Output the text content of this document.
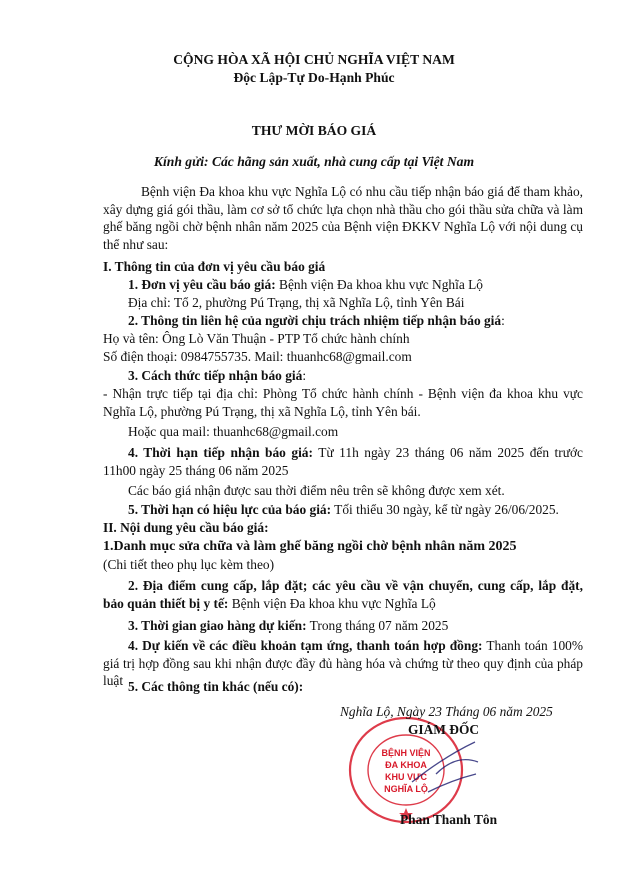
CỘNG HÒA XÃ HỘI CHỦ NGHĨA VIỆT NAM
Độc Lập-Tự Do-Hạnh Phúc
THƯ MỜI BÁO GIÁ
Kính gửi: Các hãng sản xuất, nhà cung cấp tại Việt Nam
Bệnh viện Đa khoa khu vực Nghĩa Lộ có nhu cầu tiếp nhận báo giá để tham khảo, xây dựng giá gói thầu, làm cơ sở tổ chức lựa chọn nhà thầu cho gói thầu sửa chữa và làm ghế băng ngồi chờ bệnh nhân năm 2025 của Bệnh viện ĐKKV Nghĩa Lộ với nội dung cụ thể như sau:
I. Thông tin của đơn vị yêu cầu báo giá
1. Đơn vị yêu cầu báo giá: Bệnh viện Đa khoa khu vực Nghĩa Lộ
Địa chỉ: Tổ 2, phường Pú Trạng, thị xã Nghĩa Lộ, tỉnh Yên Bái
2. Thông tin liên hệ của người chịu trách nhiệm tiếp nhận báo giá:
Họ và tên: Ông Lò Văn Thuận - PTP Tổ chức hành chính
Số điện thoại: 0984755735. Mail: thuanhc68@gmail.com
3. Cách thức tiếp nhận báo giá:
- Nhận trực tiếp tại địa chỉ: Phòng Tổ chức hành chính - Bệnh viện đa khoa khu vực Nghĩa Lộ, phường Pú Trạng, thị xã Nghĩa Lộ, tỉnh Yên bái.
Hoặc qua mail: thuanhc68@gmail.com
4. Thời hạn tiếp nhận báo giá: Từ 11h ngày 23 tháng 06 năm 2025 đến trước 11h00 ngày 25 tháng 06 năm 2025
Các báo giá nhận được sau thời điểm nêu trên sẽ không được xem xét.
5. Thời hạn có hiệu lực của báo giá: Tối thiểu 30 ngày, kể từ ngày 26/06/2025.
II. Nội dung yêu cầu báo giá:
1.Danh mục sửa chữa và làm ghế băng ngồi chờ bệnh nhân năm 2025
(Chi tiết theo phụ lục kèm theo)
2. Địa điểm cung cấp, lắp đặt; các yêu cầu về vận chuyển, cung cấp, lắp đặt, bảo quản thiết bị y tế: Bệnh viện Đa khoa khu vực Nghĩa Lộ
3. Thời gian giao hàng dự kiến: Trong tháng 07 năm 2025
4. Dự kiến về các điều khoản tạm ứng, thanh toán hợp đồng: Thanh toán 100% giá trị hợp đồng sau khi nhận được đầy đủ hàng hóa và chứng từ theo quy định của pháp luật 5. Các thông tin khác (nếu có):
BỆNH VIỆN
ĐA KHOA
KHU VỰC
NGHĨA LỘ
Nghĩa Lộ, Ngày 23 Tháng 06 năm 2025
GIÁM ĐỐC
Phan Thanh Tôn
